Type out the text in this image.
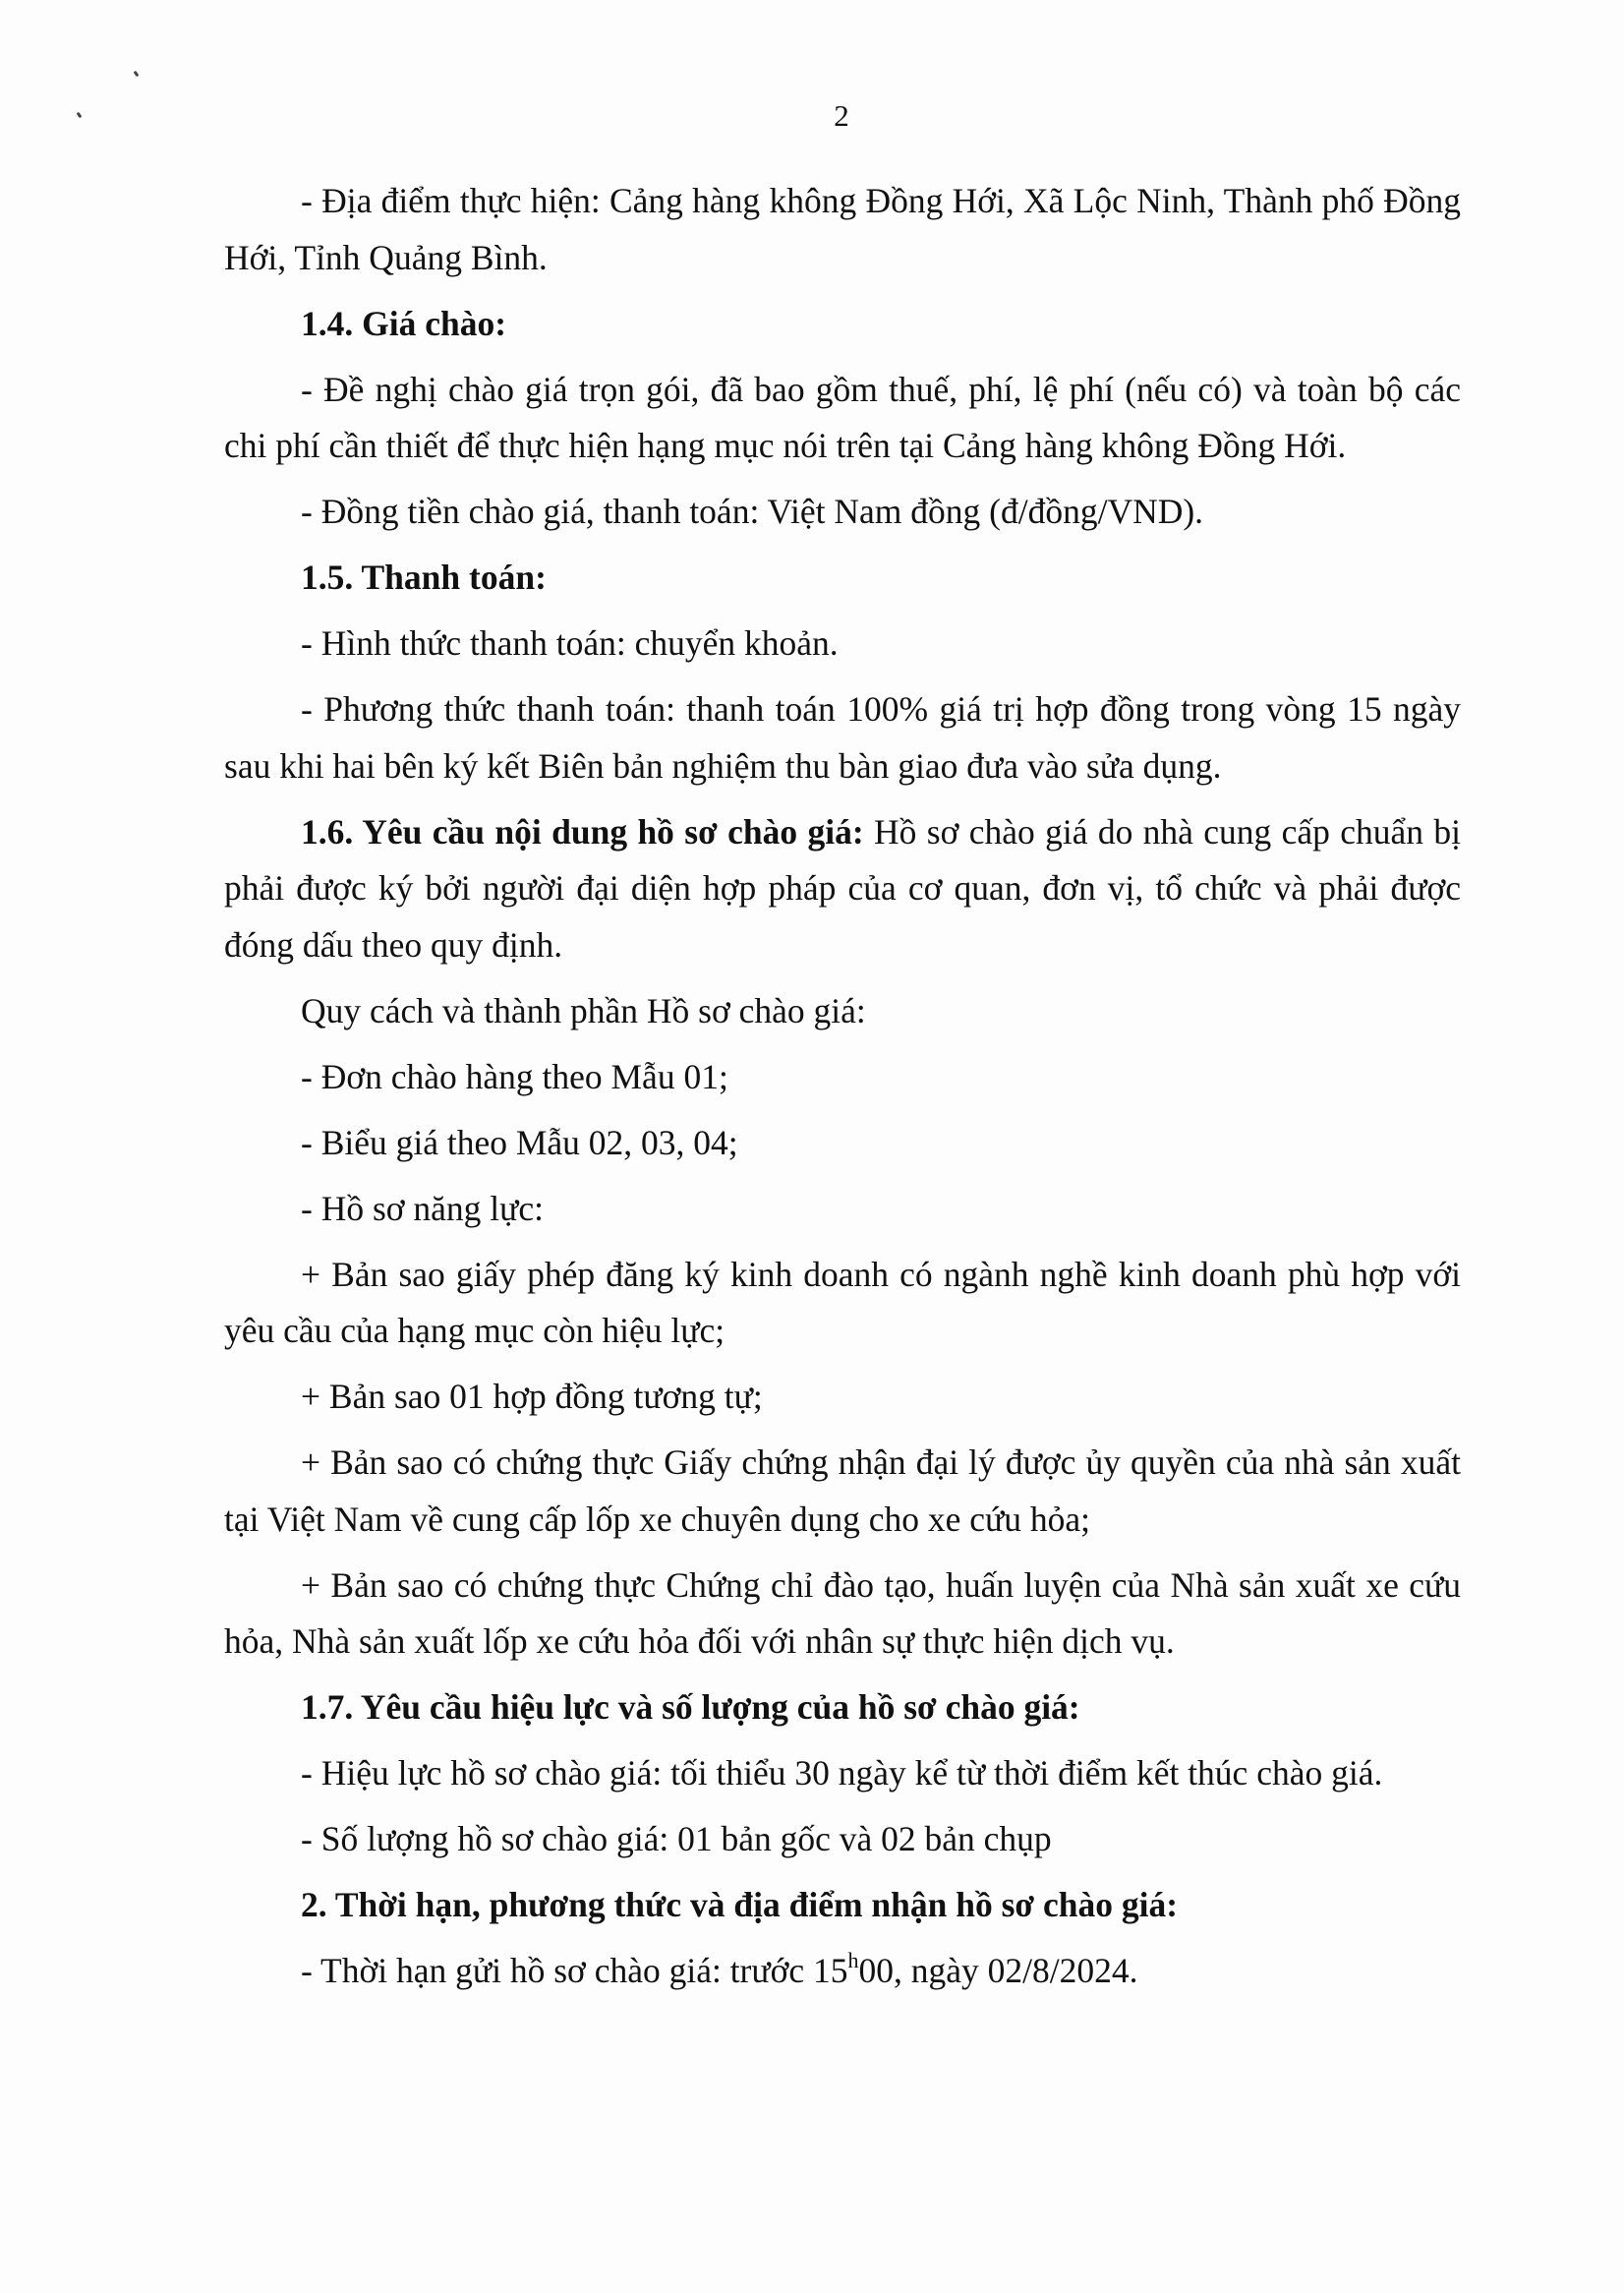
2

- Địa điểm thực hiện: Cảng hàng không Đồng Hới, Xã Lộc Ninh, Thành phố Đồng Hới, Tỉnh Quảng Bình.

1.4. Giá chào:

- Đề nghị chào giá trọn gói, đã bao gồm thuế, phí, lệ phí (nếu có) và toàn bộ các chi phí cần thiết để thực hiện hạng mục nói trên tại Cảng hàng không Đồng Hới.

- Đồng tiền chào giá, thanh toán: Việt Nam đồng (đ/đồng/VND).

1.5. Thanh toán:

- Hình thức thanh toán: chuyển khoản.

- Phương thức thanh toán: thanh toán 100% giá trị hợp đồng trong vòng 15 ngày sau khi hai bên ký kết Biên bản nghiệm thu bàn giao đưa vào sửa dụng.

1.6. Yêu cầu nội dung hồ sơ chào giá: Hồ sơ chào giá do nhà cung cấp chuẩn bị phải được ký bởi người đại diện hợp pháp của cơ quan, đơn vị, tổ chức và phải được đóng dấu theo quy định.

Quy cách và thành phần Hồ sơ chào giá:

- Đơn chào hàng theo Mẫu 01;

- Biểu giá theo Mẫu 02, 03, 04;

- Hồ sơ năng lực:

+ Bản sao giấy phép đăng ký kinh doanh có ngành nghề kinh doanh phù hợp với yêu cầu của hạng mục còn hiệu lực;

+ Bản sao 01 hợp đồng tương tự;

+ Bản sao có chứng thực Giấy chứng nhận đại lý được ủy quyền của nhà sản xuất tại Việt Nam về cung cấp lốp xe chuyên dụng cho xe cứu hỏa;

+ Bản sao có chứng thực Chứng chỉ đào tạo, huấn luyện của Nhà sản xuất xe cứu hỏa, Nhà sản xuất lốp xe cứu hỏa đối với nhân sự thực hiện dịch vụ.

1.7. Yêu cầu hiệu lực và số lượng của hồ sơ chào giá:

- Hiệu lực hồ sơ chào giá: tối thiểu 30 ngày kể từ thời điểm kết thúc chào giá.

- Số lượng hồ sơ chào giá: 01 bản gốc và 02 bản chụp

2. Thời hạn, phương thức và địa điểm nhận hồ sơ chào giá:

- Thời hạn gửi hồ sơ chào giá: trước 15$^h$00, ngày 02/8/2024.
